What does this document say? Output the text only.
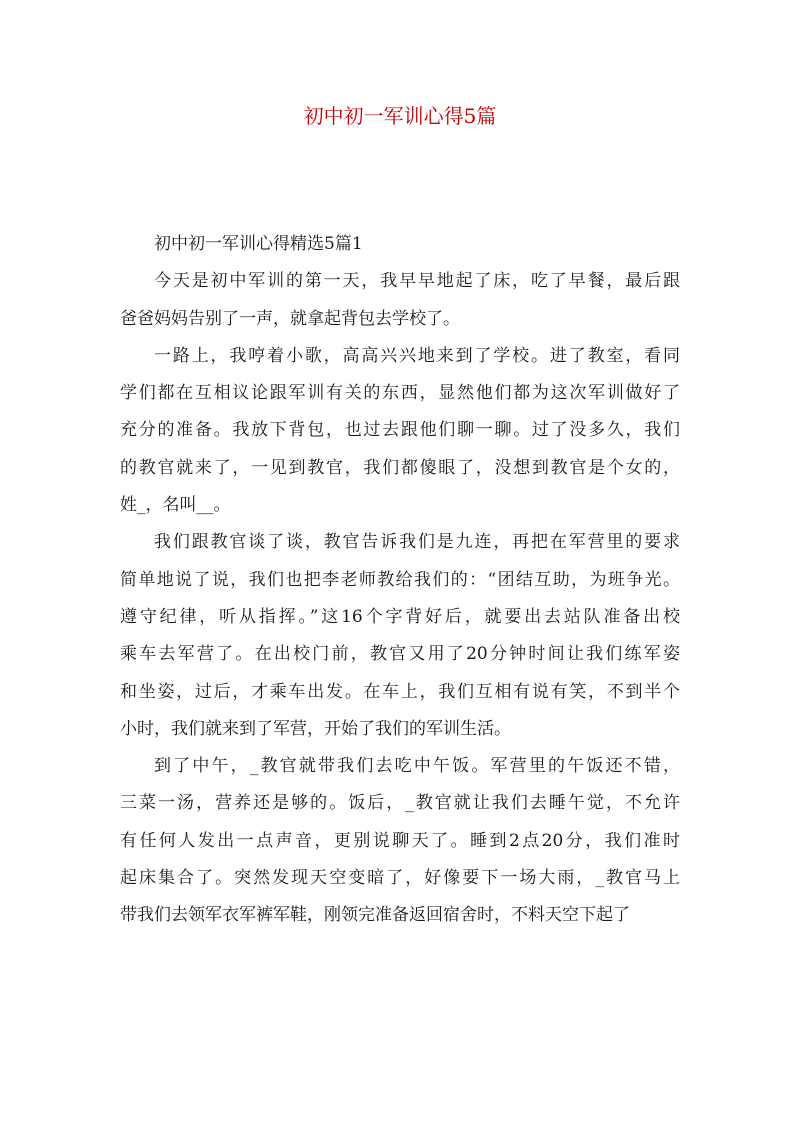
初中初一军训心得5篇

初中初一军训心得精选5篇1

今天是初中军训的第一天，我早早地起了床，吃了早餐，最后跟
爸爸妈妈告别了一声，就拿起背包去学校了。
一路上，我哼着小歌，高高兴兴地来到了学校。进了教室，看同
学们都在互相议论跟军训有关的东西，显然他们都为这次军训做好了
充分的准备。我放下背包，也过去跟他们聊一聊。过了没多久，我们
的教官就来了，一见到教官，我们都傻眼了，没想到教官是个女的，
姓_，名叫__。
我们跟教官谈了谈，教官告诉我们是九连，再把在军营里的要求
简单地说了说，我们也把李老师教给我们的：“团结互助，为班争光。
遵守纪律，听从指挥。”这16个字背好后，就要出去站队准备出校
乘车去军营了。在出校门前，教官又用了20分钟时间让我们练军姿
和坐姿，过后，才乘车出发。在车上，我们互相有说有笑，不到半个
小时，我们就来到了军营，开始了我们的军训生活。
到了中午，_教官就带我们去吃中午饭。军营里的午饭还不错，
三菜一汤，营养还是够的。饭后，_教官就让我们去睡午觉，不允许
有任何人发出一点声音，更别说聊天了。睡到2点20分，我们准时
起床集合了。突然发现天空变暗了，好像要下一场大雨，_教官马上
带我们去领军衣军裤军鞋，刚领完准备返回宿舍时，不料天空下起了
